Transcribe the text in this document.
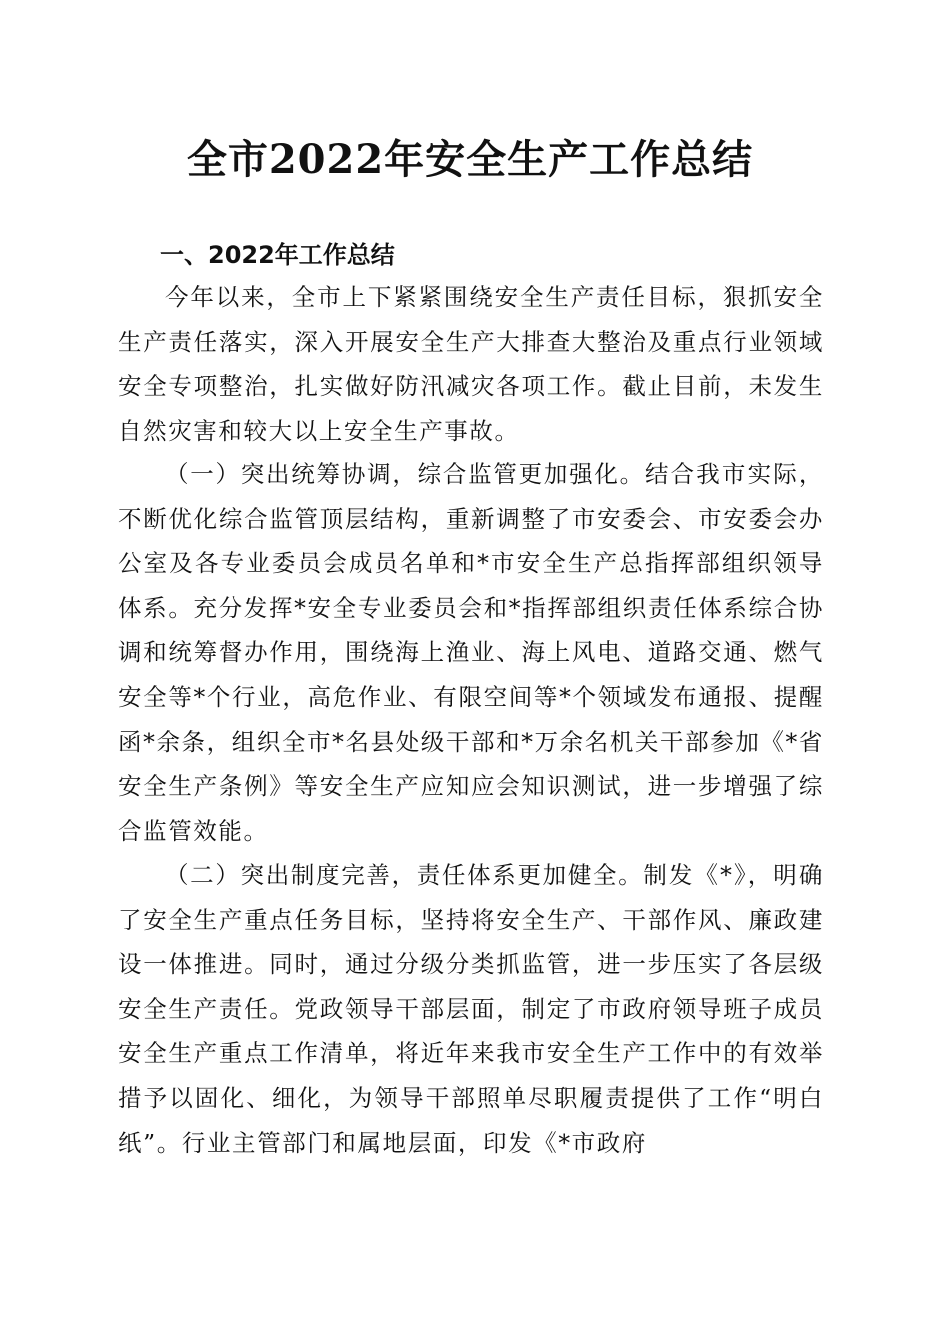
全市2022年安全生产工作总结
一、2022年工作总结

今年以来，全市上下紧紧围绕安全生产责任目标，狠抓安全生产责任落实，深入开展安全生产大排查大整治及重点行业领域安全专项整治，扎实做好防汛减灾各项工作。截止目前，未发生自然灾害和较大以上安全生产事故。

（一）突出统筹协调，综合监管更加强化。结合我市实际，不断优化综合监管顶层结构，重新调整了市安委会、市安委会办公室及各专业委员会成员名单和*市安全生产总指挥部组织领导体系。充分发挥*安全专业委员会和*指挥部组织责任体系综合协调和统筹督办作用，围绕海上渔业、海上风电、道路交通、燃气安全等*个行业，高危作业、有限空间等*个领域发布通报、提醒函*余条，组织全市*名县处级干部和*万余名机关干部参加《*省安全生产条例》等安全生产应知应会知识测试，进一步增强了综合监管效能。

（二）突出制度完善，责任体系更加健全。制发《*》，明确了安全生产重点任务目标，坚持将安全生产、干部作风、廉政建设一体推进。同时，通过分级分类抓监管，进一步压实了各层级安全生产责任。党政领导干部层面，制定了市政府领导班子成员安全生产重点工作清单，将近年来我市安全生产工作中的有效举措予以固化、细化，为领导干部照单尽职履责提供了工作“明白纸”。行业主管部门和属地层面，印发《*市政府
